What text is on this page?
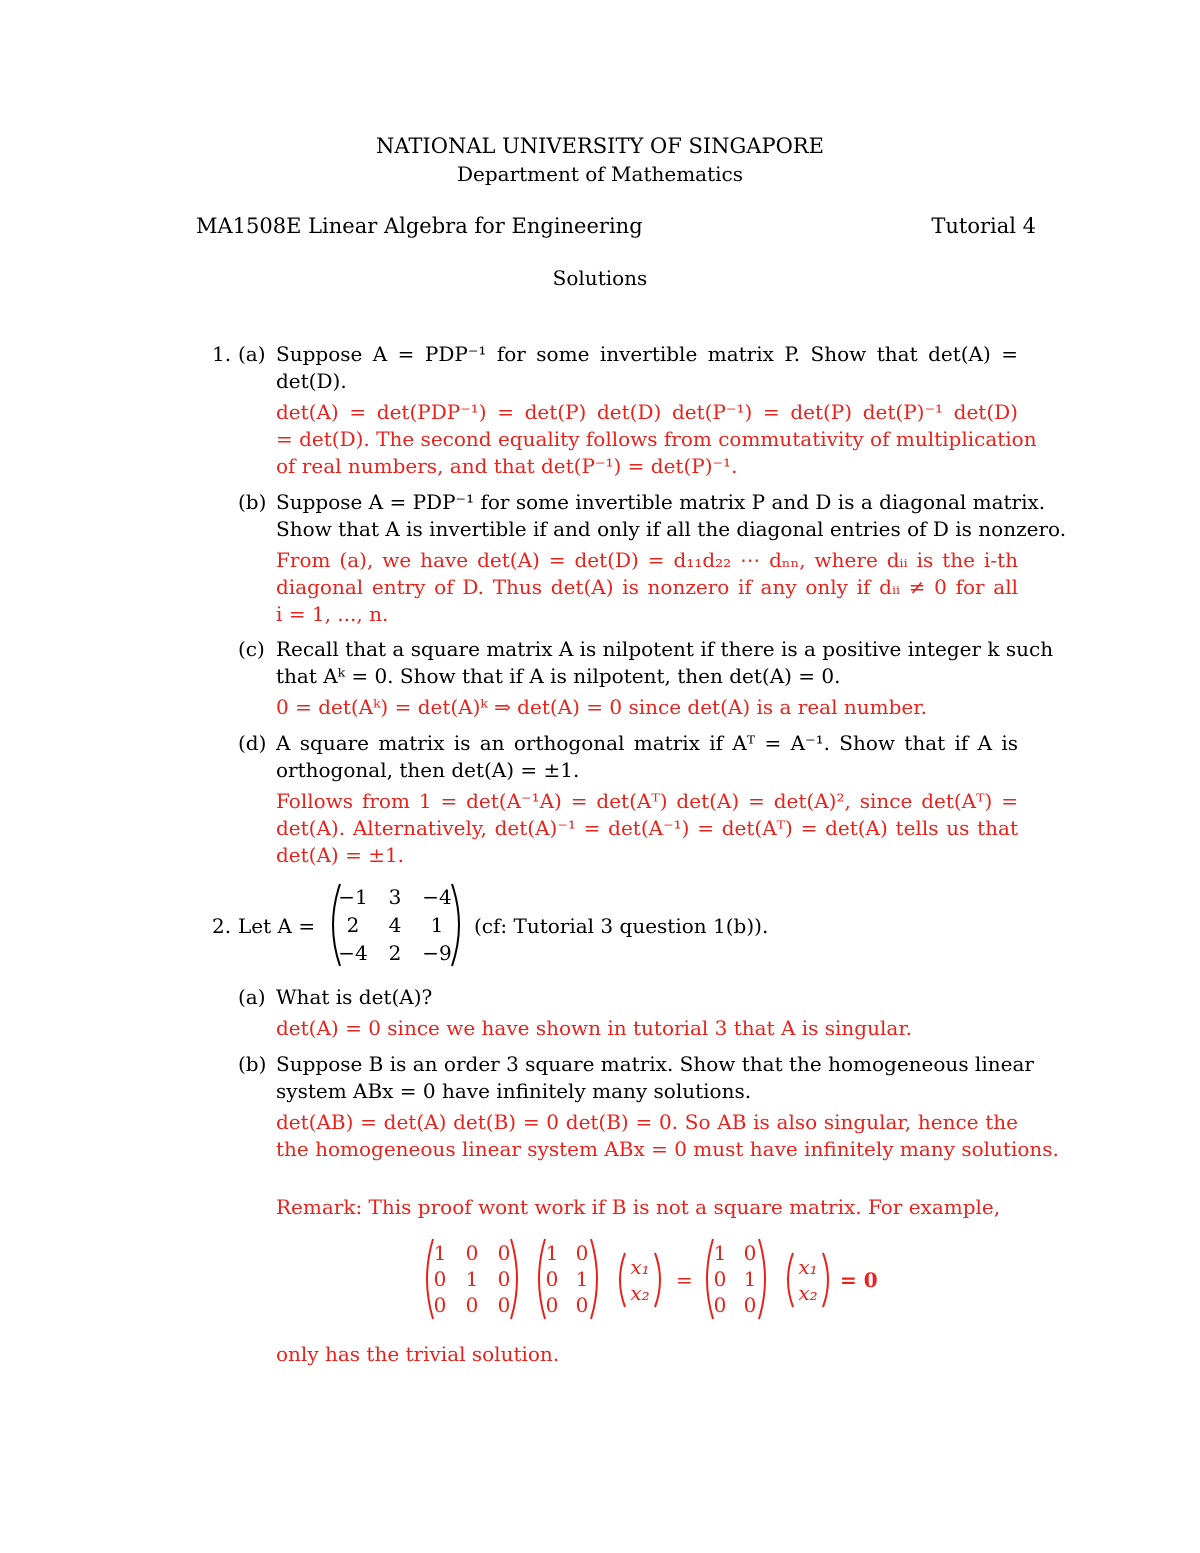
NATIONAL UNIVERSITY OF SINGAPORE
Department of Mathematics
MA1508E Linear Algebra for Engineering	Tutorial 4
Solutions
1. (a) Suppose A = PDP⁻¹ for some invertible matrix P. Show that det(A) =
det(D).
det(A) = det(PDP⁻¹) = det(P) det(D) det(P⁻¹) = det(P) det(P)⁻¹ det(D)
= det(D). The second equality follows from commutativity of multiplication
of real numbers, and that det(P⁻¹) = det(P)⁻¹.
(b) Suppose A = PDP⁻¹ for some invertible matrix P and D is a diagonal matrix.
Show that A is invertible if and only if all the diagonal entries of D is nonzero.
From (a), we have det(A) = det(D) = d₁₁d₂₂ ⋯ dₙₙ, where dᵢᵢ is the i-th
diagonal entry of D. Thus det(A) is nonzero if any only if dᵢᵢ ≠ 0 for all
i = 1, ..., n.
(c) Recall that a square matrix A is nilpotent if there is a positive integer k such
that Aᵏ = 0. Show that if A is nilpotent, then det(A) = 0.
0 = det(Aᵏ) = det(A)ᵏ ⇒ det(A) = 0 since det(A) is a real number.
(d) A square matrix is an orthogonal matrix if Aᵀ = A⁻¹. Show that if A is
orthogonal, then det(A) = ±1.
Follows from 1 = det(A⁻¹A) = det(Aᵀ) det(A) = det(A)², since det(Aᵀ) =
det(A). Alternatively, det(A)⁻¹ = det(A⁻¹) = det(Aᵀ) = det(A) tells us that
det(A) = ±1.
2. Let A =
−1	3	−4
2	4	1
−4	2	−9
(cf: Tutorial 3 question 1(b)).
(a) What is det(A)?
det(A) = 0 since we have shown in tutorial 3 that A is singular.
(b) Suppose B is an order 3 square matrix. Show that the homogeneous linear
system ABx = 0 have infinitely many solutions.
det(AB) = det(A) det(B) = 0 det(B) = 0. So AB is also singular, hence the
the homogeneous linear system ABx = 0 must have infinitely many solutions.
Remark: This proof wont work if B is not a square matrix. For example,
1 0 0
0 1 0
0 0 0
1 0
0 1
0 0
x₁
x₂
=
1 0
0 1
0 0
x₁
x₂
= 0
only has the trivial solution.
